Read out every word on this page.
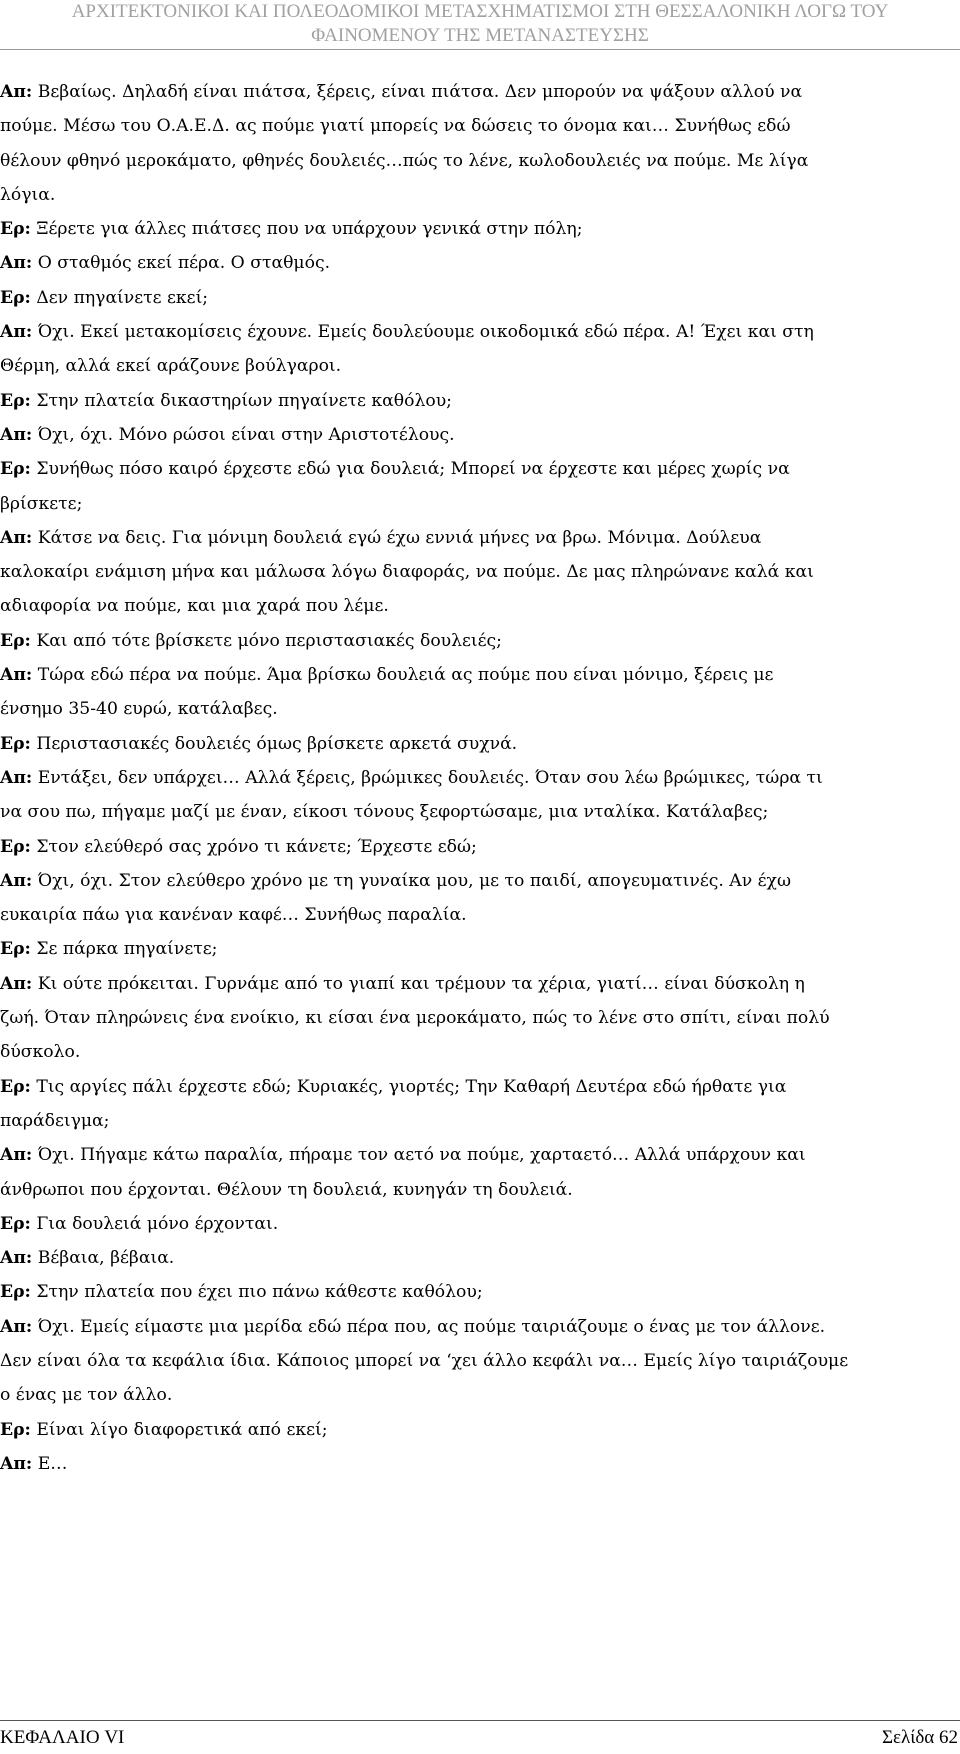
ΑΡΧΙΤΕΚΤΟΝΙΚΟΙ ΚΑΙ ΠΟΛΕΟΔΟΜΙΚΟΙ ΜΕΤΑΣΧΗΜΑΤΙΣΜΟΙ ΣΤΗ ΘΕΣΣΑΛΟΝΙΚΗ ΛΟΓΩ ΤΟΥ
ΦΑΙΝΟΜΕΝΟΥ ΤΗΣ ΜΕΤΑΝΑΣΤΕΥΣΗΣ
Απ: Βεβαίως. Δηλαδή είναι πιάτσα, ξέρεις, είναι πιάτσα. Δεν μπορούν να ψάξουν αλλού να
πούμε. Μέσω του Ο.Α.Ε.Δ. ας πούμε γιατί μπορείς να δώσεις το όνομα και… Συνήθως εδώ
θέλουν φθηνό μεροκάματο, φθηνές δουλειές…πώς το λένε, κωλοδουλειές να πούμε. Με λίγα
λόγια.
Ερ: Ξέρετε για άλλες πιάτσες που να υπάρχουν γενικά στην πόλη;
Απ: Ο σταθμός εκεί πέρα. Ο σταθμός.
Ερ: Δεν πηγαίνετε εκεί;
Απ: Όχι. Εκεί μετακομίσεις έχουνε. Εμείς δουλεύουμε οικοδομικά εδώ πέρα. Α! Έχει και στη
Θέρμη, αλλά εκεί αράζουνε βούλγαροι.
Ερ: Στην πλατεία δικαστηρίων πηγαίνετε καθόλου;
Απ: Όχι, όχι. Μόνο ρώσοι είναι στην Αριστοτέλους.
Ερ: Συνήθως πόσο καιρό έρχεστε εδώ για δουλειά; Μπορεί να έρχεστε και μέρες χωρίς να
βρίσκετε;
Απ: Κάτσε να δεις. Για μόνιμη δουλειά εγώ έχω εννιά μήνες να βρω. Μόνιμα. Δούλευα
καλοκαίρι ενάμιση μήνα και μάλωσα λόγω διαφοράς, να πούμε. Δε μας πληρώνανε καλά και
αδιαφορία να πούμε, και μια χαρά που λέμε.
Ερ: Και από τότε βρίσκετε μόνο περιστασιακές δουλειές;
Απ: Τώρα εδώ πέρα να πούμε. Άμα βρίσκω δουλειά ας πούμε που είναι μόνιμο, ξέρεις με
ένσημο 35-40 ευρώ, κατάλαβες.
Ερ: Περιστασιακές δουλειές όμως βρίσκετε αρκετά συχνά.
Απ: Εντάξει, δεν υπάρχει… Αλλά ξέρεις, βρώμικες δουλειές. Όταν σου λέω βρώμικες, τώρα τι
να σου πω, πήγαμε μαζί με έναν, είκοσι τόνους ξεφορτώσαμε, μια νταλίκα. Κατάλαβες;
Ερ: Στον ελεύθερό σας χρόνο τι κάνετε; Έρχεστε εδώ;
Απ: Όχι, όχι. Στον ελεύθερο χρόνο με τη γυναίκα μου, με το παιδί, απογευματινές. Αν έχω
ευκαιρία πάω για κανέναν καφέ… Συνήθως παραλία.
Ερ: Σε πάρκα πηγαίνετε;
Απ: Κι ούτε πρόκειται. Γυρνάμε από το γιαπί και τρέμουν τα χέρια, γιατί… είναι δύσκολη η
ζωή. Όταν πληρώνεις ένα ενοίκιο, κι είσαι ένα μεροκάματο, πώς το λένε στο σπίτι, είναι πολύ
δύσκολο.
Ερ: Τις αργίες πάλι έρχεστε εδώ; Κυριακές, γιορτές; Την Καθαρή Δευτέρα εδώ ήρθατε για
παράδειγμα;
Απ: Όχι. Πήγαμε κάτω παραλία, πήραμε τον αετό να πούμε, χαρταετό… Αλλά υπάρχουν και
άνθρωποι που έρχονται. Θέλουν τη δουλειά, κυνηγάν τη δουλειά.
Ερ: Για δουλειά μόνο έρχονται.
Απ: Βέβαια, βέβαια.
Ερ: Στην πλατεία που έχει πιο πάνω κάθεστε καθόλου;
Απ: Όχι. Εμείς είμαστε μια μερίδα εδώ πέρα που, ας πούμε ταιριάζουμε ο ένας με τον άλλονε.
Δεν είναι όλα τα κεφάλια ίδια. Κάποιος μπορεί να ‘χει άλλο κεφάλι να… Εμείς λίγο ταιριάζουμε
ο ένας με τον άλλο.
Ερ: Είναι λίγο διαφορετικά από εκεί;
Απ: Ε…
ΚΕΦΑΛΑΙΟ VI	Σελίδα 62
